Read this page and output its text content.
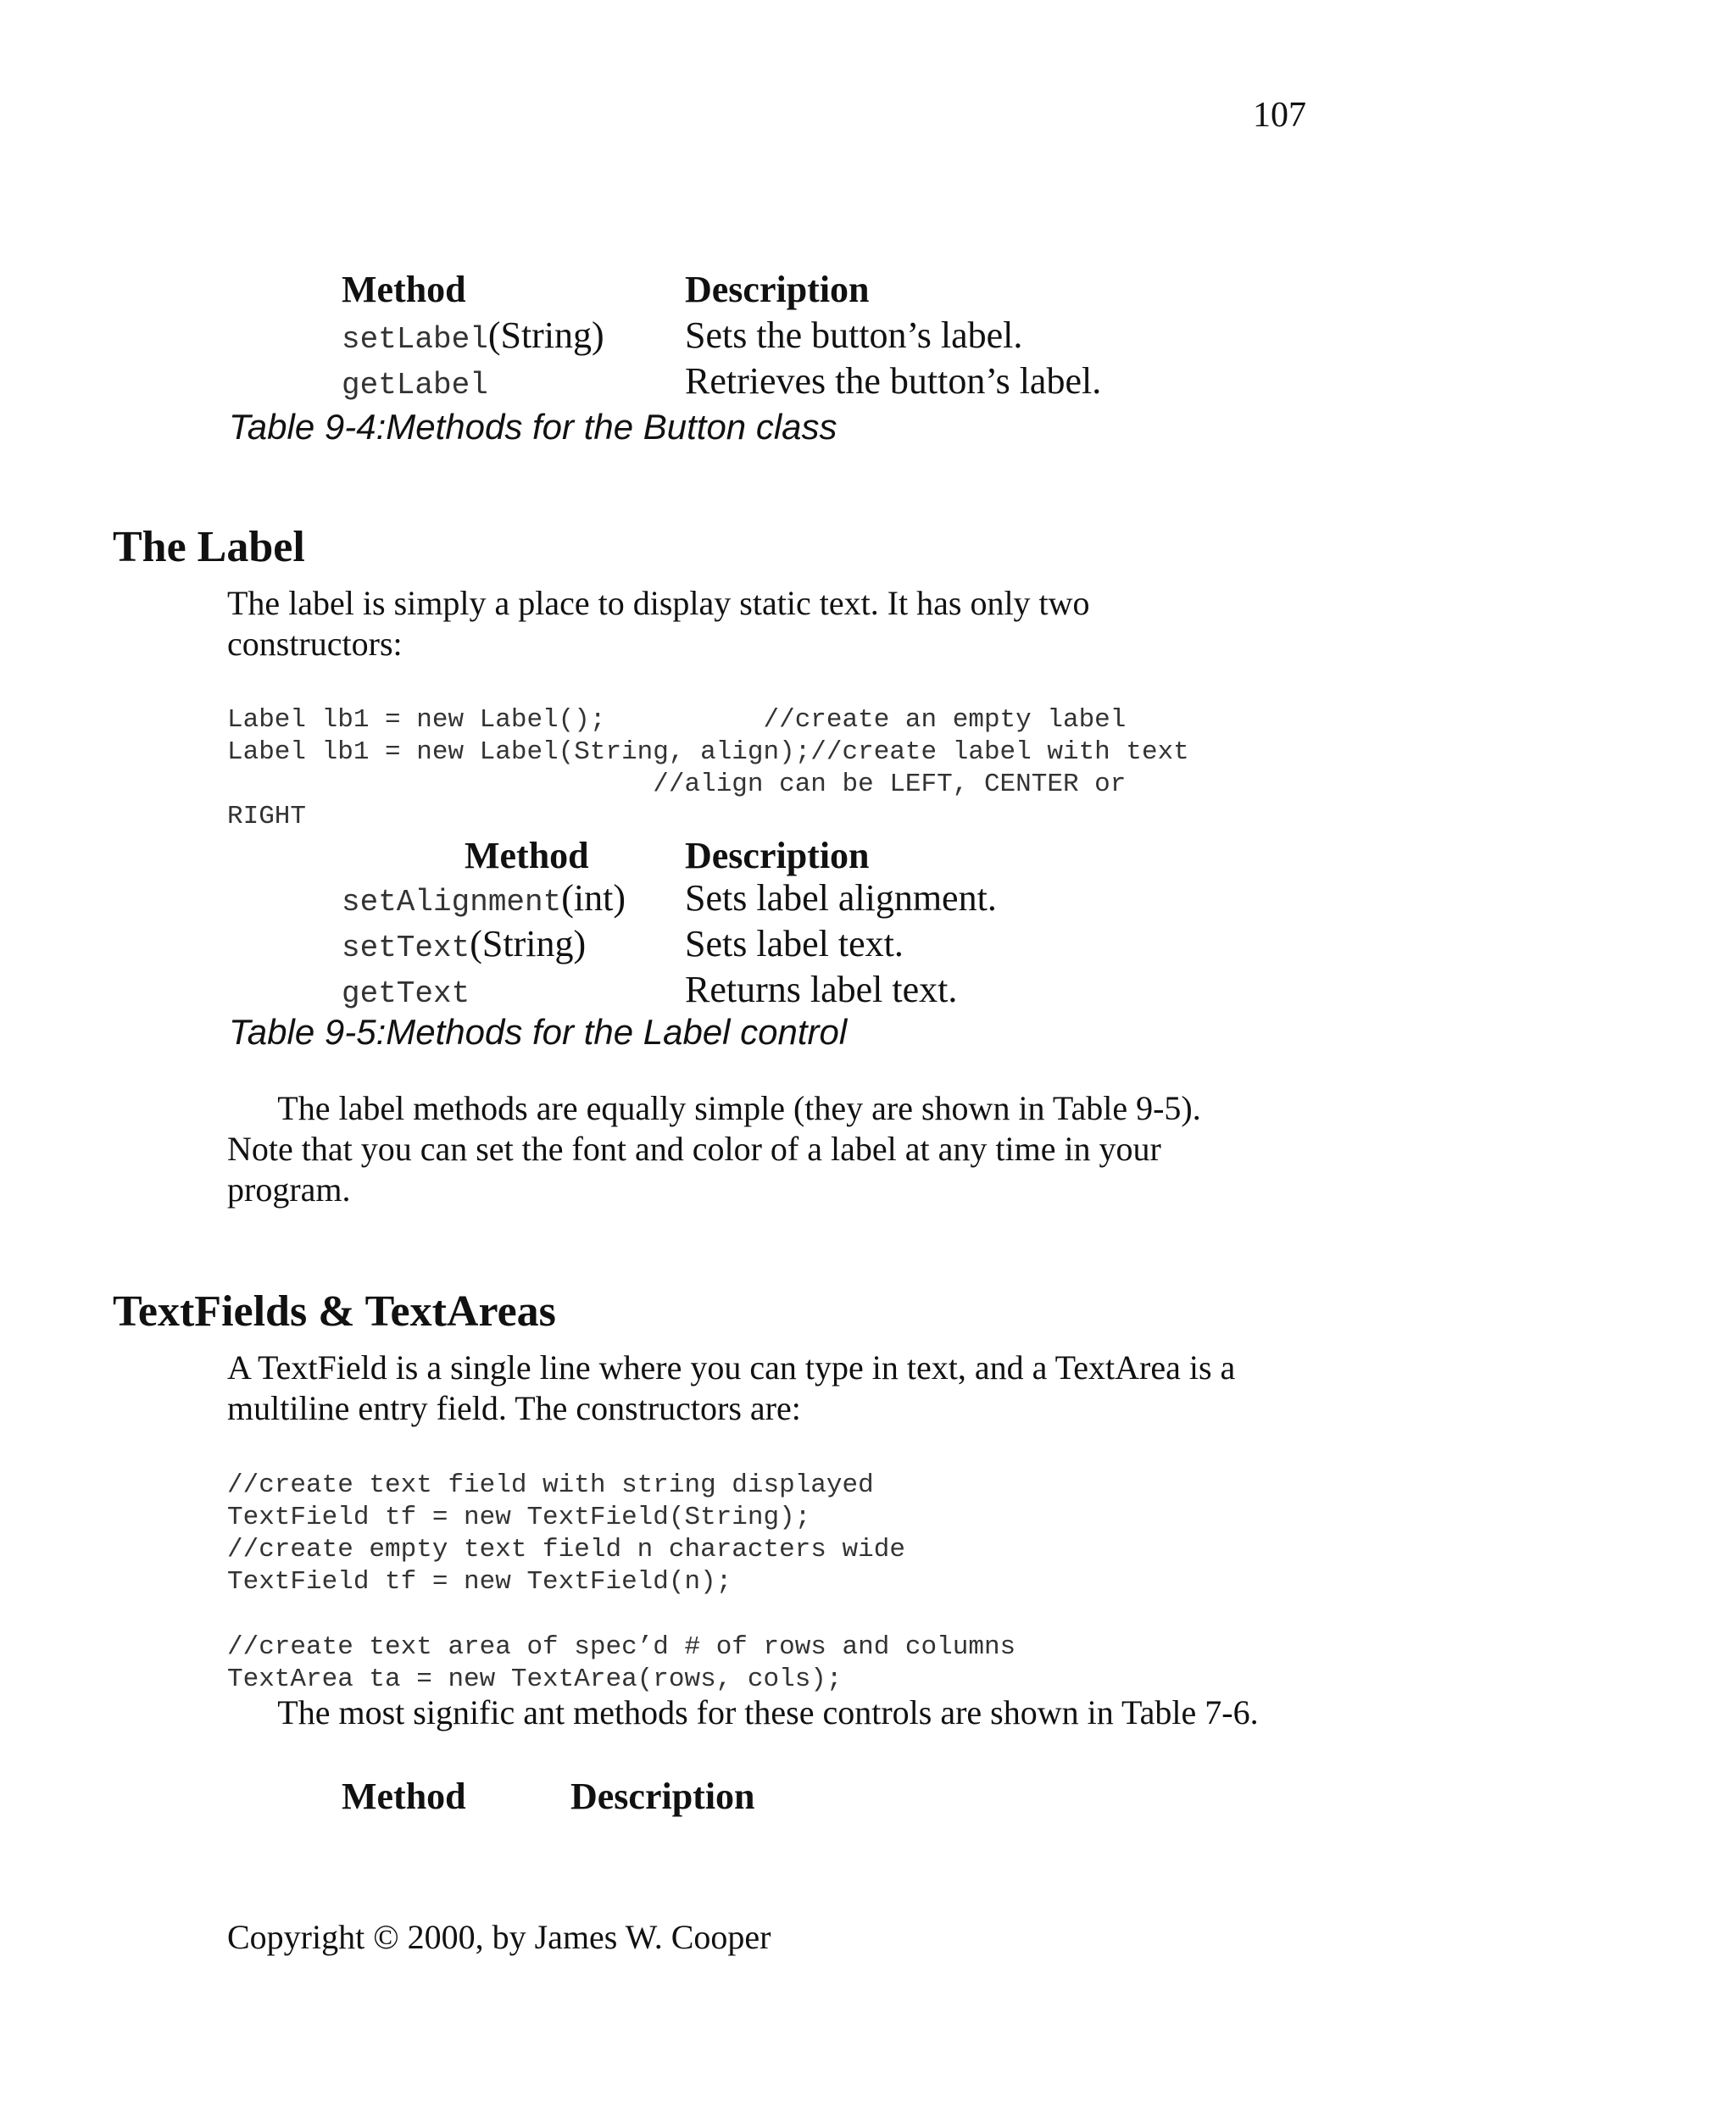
107
Method	Description
setLabel(String) Sets the button’s label.
getLabel	Retrieves the button’s label.
Table 9-4:Methods for the Button class
The Label
The label is simply a place to display static text. It has only two
constructors:
Label lb1 = new Label();          //create an empty label
Label lb1 = new Label(String, align);//create label with text
//align can be LEFT, CENTER or
RIGHT
Method	Description
setAlignment(int) Sets label alignment.
setText(String)	Sets label text.
getText	Returns label text.
Table 9-5:Methods for the Label control
The label methods are equally simple (they are shown in Table 9-5).
Note that you can set the font and color of a label at any time in your
program.
TextFields & TextAreas
A TextField is a single line where you can type in text, and a TextArea is a
multiline entry field. The constructors are:
//create text field with string displayed
TextField tf = new TextField(String);
//create empty text field n characters wide
TextField tf = new TextField(n);
//create text area of spec’d # of rows and columns
TextArea ta = new TextArea(rows, cols);
The most signific ant methods for these controls are shown in Table 7-6.
Method	Description
Copyright © 2000, by James W. Cooper
